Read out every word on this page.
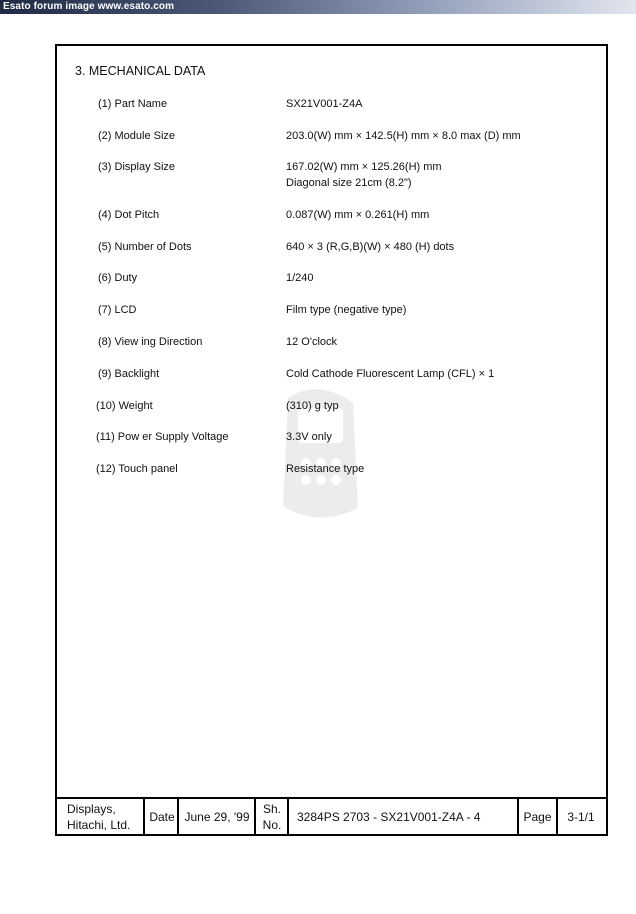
Esato forum image www.esato.com
3. MECHANICAL DATA
(1) Part Name	SX21V001-Z4A
(2) Module Size	203.0(W) mm × 142.5(H) mm × 8.0 max (D) mm
(3) Display Size	167.02(W) mm × 125.26(H) mm
Diagonal size 21cm (8.2")
(4) Dot Pitch	0.087(W) mm × 0.261(H) mm
(5) Number of Dots	640 × 3 (R,G,B)(W) × 480 (H) dots
(6) Duty	1/240
(7) LCD	Film type (negative type)
(8) View ing Direction	12 O'clock
(9) Backlight	Cold Cathode Fluorescent Lamp (CFL) × 1
(10) Weight	(310) g typ
(11) Pow er Supply Voltage	3.3V only
(12) Touch panel	Resistance type
Displays,
Hitachi, Ltd.
Date June 29, '99
Sh.
No.
3284PS 2703 - SX21V001-Z4A - 4	Page	3-1/1
